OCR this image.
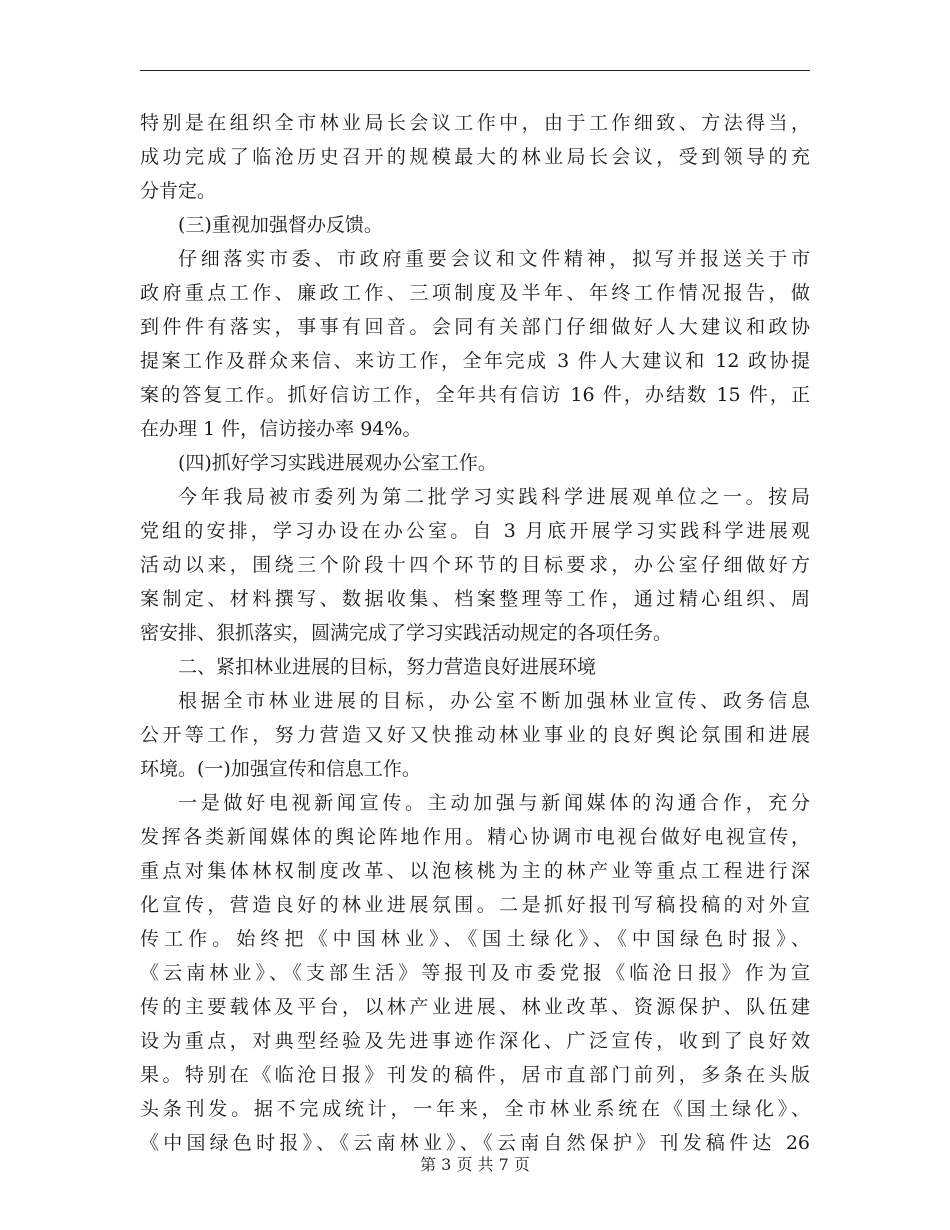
特别是在组织全市林业局长会议工作中，由于工作细致、方法得当，
成功完成了临沧历史召开的规模最大的林业局长会议，受到领导的充
分肯定。
(三)重视加强督办反馈。
仔细落实市委、市政府重要会议和文件精神，拟写并报送关于市
政府重点工作、廉政工作、三项制度及半年、年终工作情况报告，做
到件件有落实，事事有回音。会同有关部门仔细做好人大建议和政协
提案工作及群众来信、来访工作，全年完成 3 件人大建议和 12 政协提
案的答复工作。抓好信访工作，全年共有信访 16 件，办结数 15 件，正
在办理 1 件，信访接办率 94%。
(四)抓好学习实践进展观办公室工作。
今年我局被市委列为第二批学习实践科学进展观单位之一。按局
党组的安排，学习办设在办公室。自 3 月底开展学习实践科学进展观
活动以来，围绕三个阶段十四个环节的目标要求，办公室仔细做好方
案制定、材料撰写、数据收集、档案整理等工作，通过精心组织、周
密安排、狠抓落实，圆满完成了学习实践活动规定的各项任务。
二、紧扣林业进展的目标，努力营造良好进展环境
根据全市林业进展的目标，办公室不断加强林业宣传、政务信息
公开等工作，努力营造又好又快推动林业事业的良好舆论氛围和进展
环境。(一)加强宣传和信息工作。
一是做好电视新闻宣传。主动加强与新闻媒体的沟通合作，充分
发挥各类新闻媒体的舆论阵地作用。精心协调市电视台做好电视宣传，
重点对集体林权制度改革、以泡核桃为主的林产业等重点工程进行深
化宣传，营造良好的林业进展氛围。二是抓好报刊写稿投稿的对外宣
传工作。始终把《中国林业》、《国土绿化》、《中国绿色时报》、
《云南林业》、《支部生活》等报刊及市委党报《临沧日报》作为宣
传的主要载体及平台，以林产业进展、林业改革、资源保护、队伍建
设为重点，对典型经验及先进事迹作深化、广泛宣传，收到了良好效
果。特别在《临沧日报》刊发的稿件，居市直部门前列，多条在头版
头条刊发。据不完成统计，一年来，全市林业系统在《国土绿化》、
《中国绿色时报》、《云南林业》、《云南自然保护》刊发稿件达 26
第 3 页 共 7 页
